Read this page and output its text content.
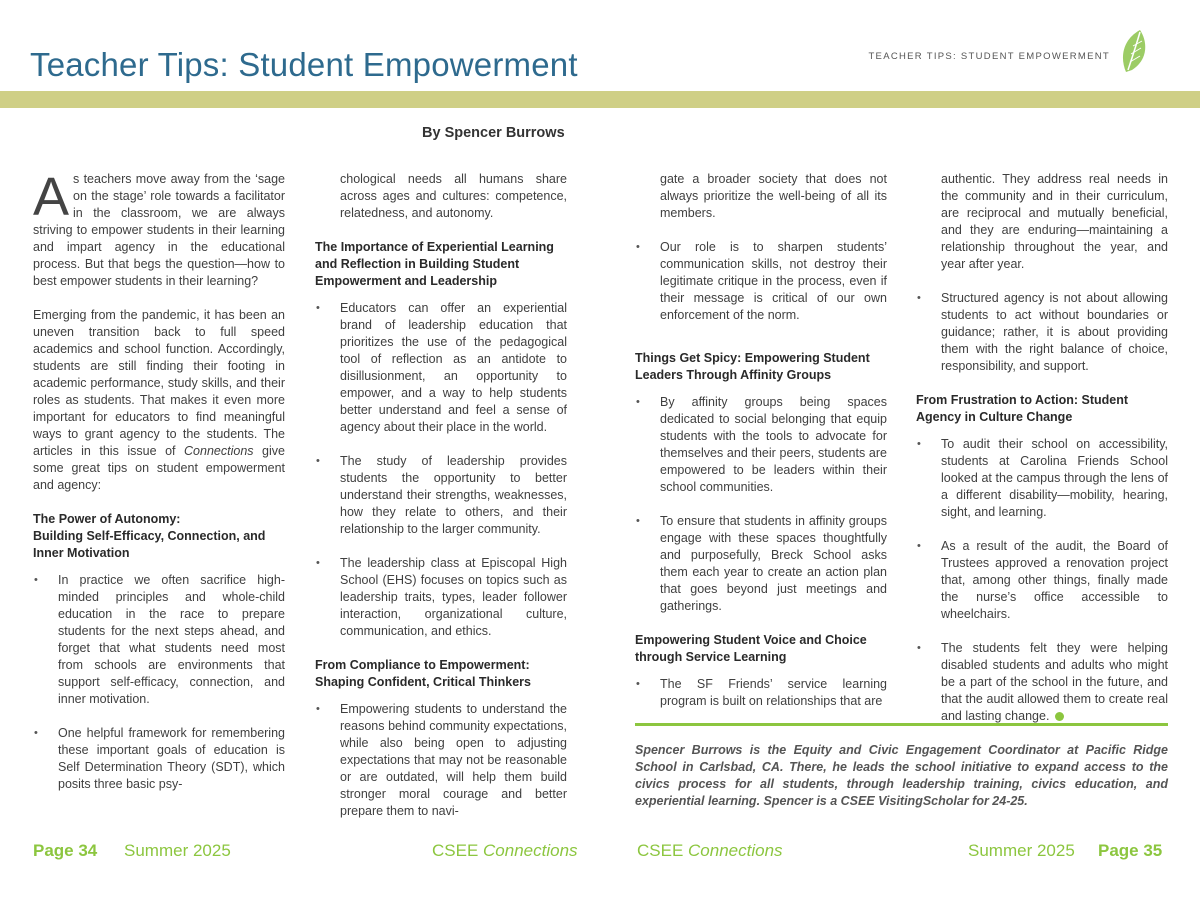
Teacher Tips: Student Empowerment	TEACHER TIPS: STUDENT EMPOWERMENT
By Spencer Burrows

As teachers move away from the ‘sage on the stage’ role towards a facilitator in the classroom, we are always striving to empower students in their learning and impart agency in the educational process. But that begs the question—how to best empower students in their learning?

Emerging from the pandemic, it has been an uneven transition back to full speed academics and school function. Accordingly, students are still finding their footing in academic performance, study skills, and their roles as students. That makes it even more important for educators to find meaningful ways to grant agency to the students. The articles in this issue of Connections give some great tips on student empowerment and agency:

The Power of Autonomy:
Building Self-Efficacy, Connection, and Inner Motivation
• In practice we often sacrifice high-minded principles and whole-child education in the race to prepare students for the next steps ahead, and forget that what students need most from schools are environments that support self-efficacy, connection, and inner motivation.
• One helpful framework for remembering these important goals of education is Self Determination Theory (SDT), which posits three basic psy-

chological needs all humans share across ages and cultures: competence, relatedness, and autonomy.

The Importance of Experiential Learning and Reflection in Building Student Empowerment and Leadership
• Educators can offer an experiential brand of leadership education that prioritizes the use of the pedagogical tool of reflection as an antidote to disillusionment, an opportunity to empower, and a way to help students better understand and feel a sense of agency about their place in the world.
• The study of leadership provides students the opportunity to better understand their strengths, weaknesses, how they relate to others, and their relationship to the larger community.
• The leadership class at Episcopal High School (EHS) focuses on topics such as leadership traits, types, leader follower interaction, organizational culture, communication, and ethics.
From Compliance to Empowerment: Shaping Confident, Critical Thinkers
• Empowering students to understand the reasons behind community expectations, while also being open to adjusting expectations that may not be reasonable or are outdated, will help them build stronger moral courage and better prepare them to navi-

gate a broader society that does not always prioritize the well-being of all its members.

• Our role is to sharpen students’ communication skills, not destroy their legitimate critique in the process, even if their message is critical of our own enforcement of the norm.
Things Get Spicy: Empowering Student Leaders Through Affinity Groups
• By affinity groups being spaces dedicated to social belonging that equip students with the tools to advocate for themselves and their peers, students are empowered to be leaders within their school communities.
• To ensure that students in affinity groups engage with these spaces thoughtfully and purposefully, Breck School asks them each year to create an action plan that goes beyond just meetings and gatherings.
Empowering Student Voice and Choice through Service Learning
• The SF Friends’ service learning program is built on relationships that are

authentic. They address real needs in the community and in their curriculum, are reciprocal and mutually beneficial, and they are enduring—maintaining a relationship throughout the year, and year after year.

• Structured agency is not about allowing students to act without boundaries or guidance; rather, it is about providing them with the right balance of choice, responsibility, and support.
From Frustration to Action: Student Agency in Culture Change
• To audit their school on accessibility, students at Carolina Friends School looked at the campus through the lens of a different disability—mobility, hearing, sight, and learning.
• As a result of the audit, the Board of Trustees approved a renovation project that, among other things, finally made the nurse’s office accessible to wheelchairs.
• The students felt they were helping disabled students and adults who might be a part of the school in the future, and that the audit allowed them to create real and lasting change.

Spencer Burrows is the Equity and Civic Engagement Coordinator at Pacific Ridge School in Carlsbad, CA. There, he leads the school initiative to expand access to the civics process for all students, through leadership training, civics education, and experiential learning. Spencer is a CSEE VisitingScholar for 24-25.

Page 34 Summer 2025	CSEE Connections	CSEE Connections	Summer 2025 Page 35
